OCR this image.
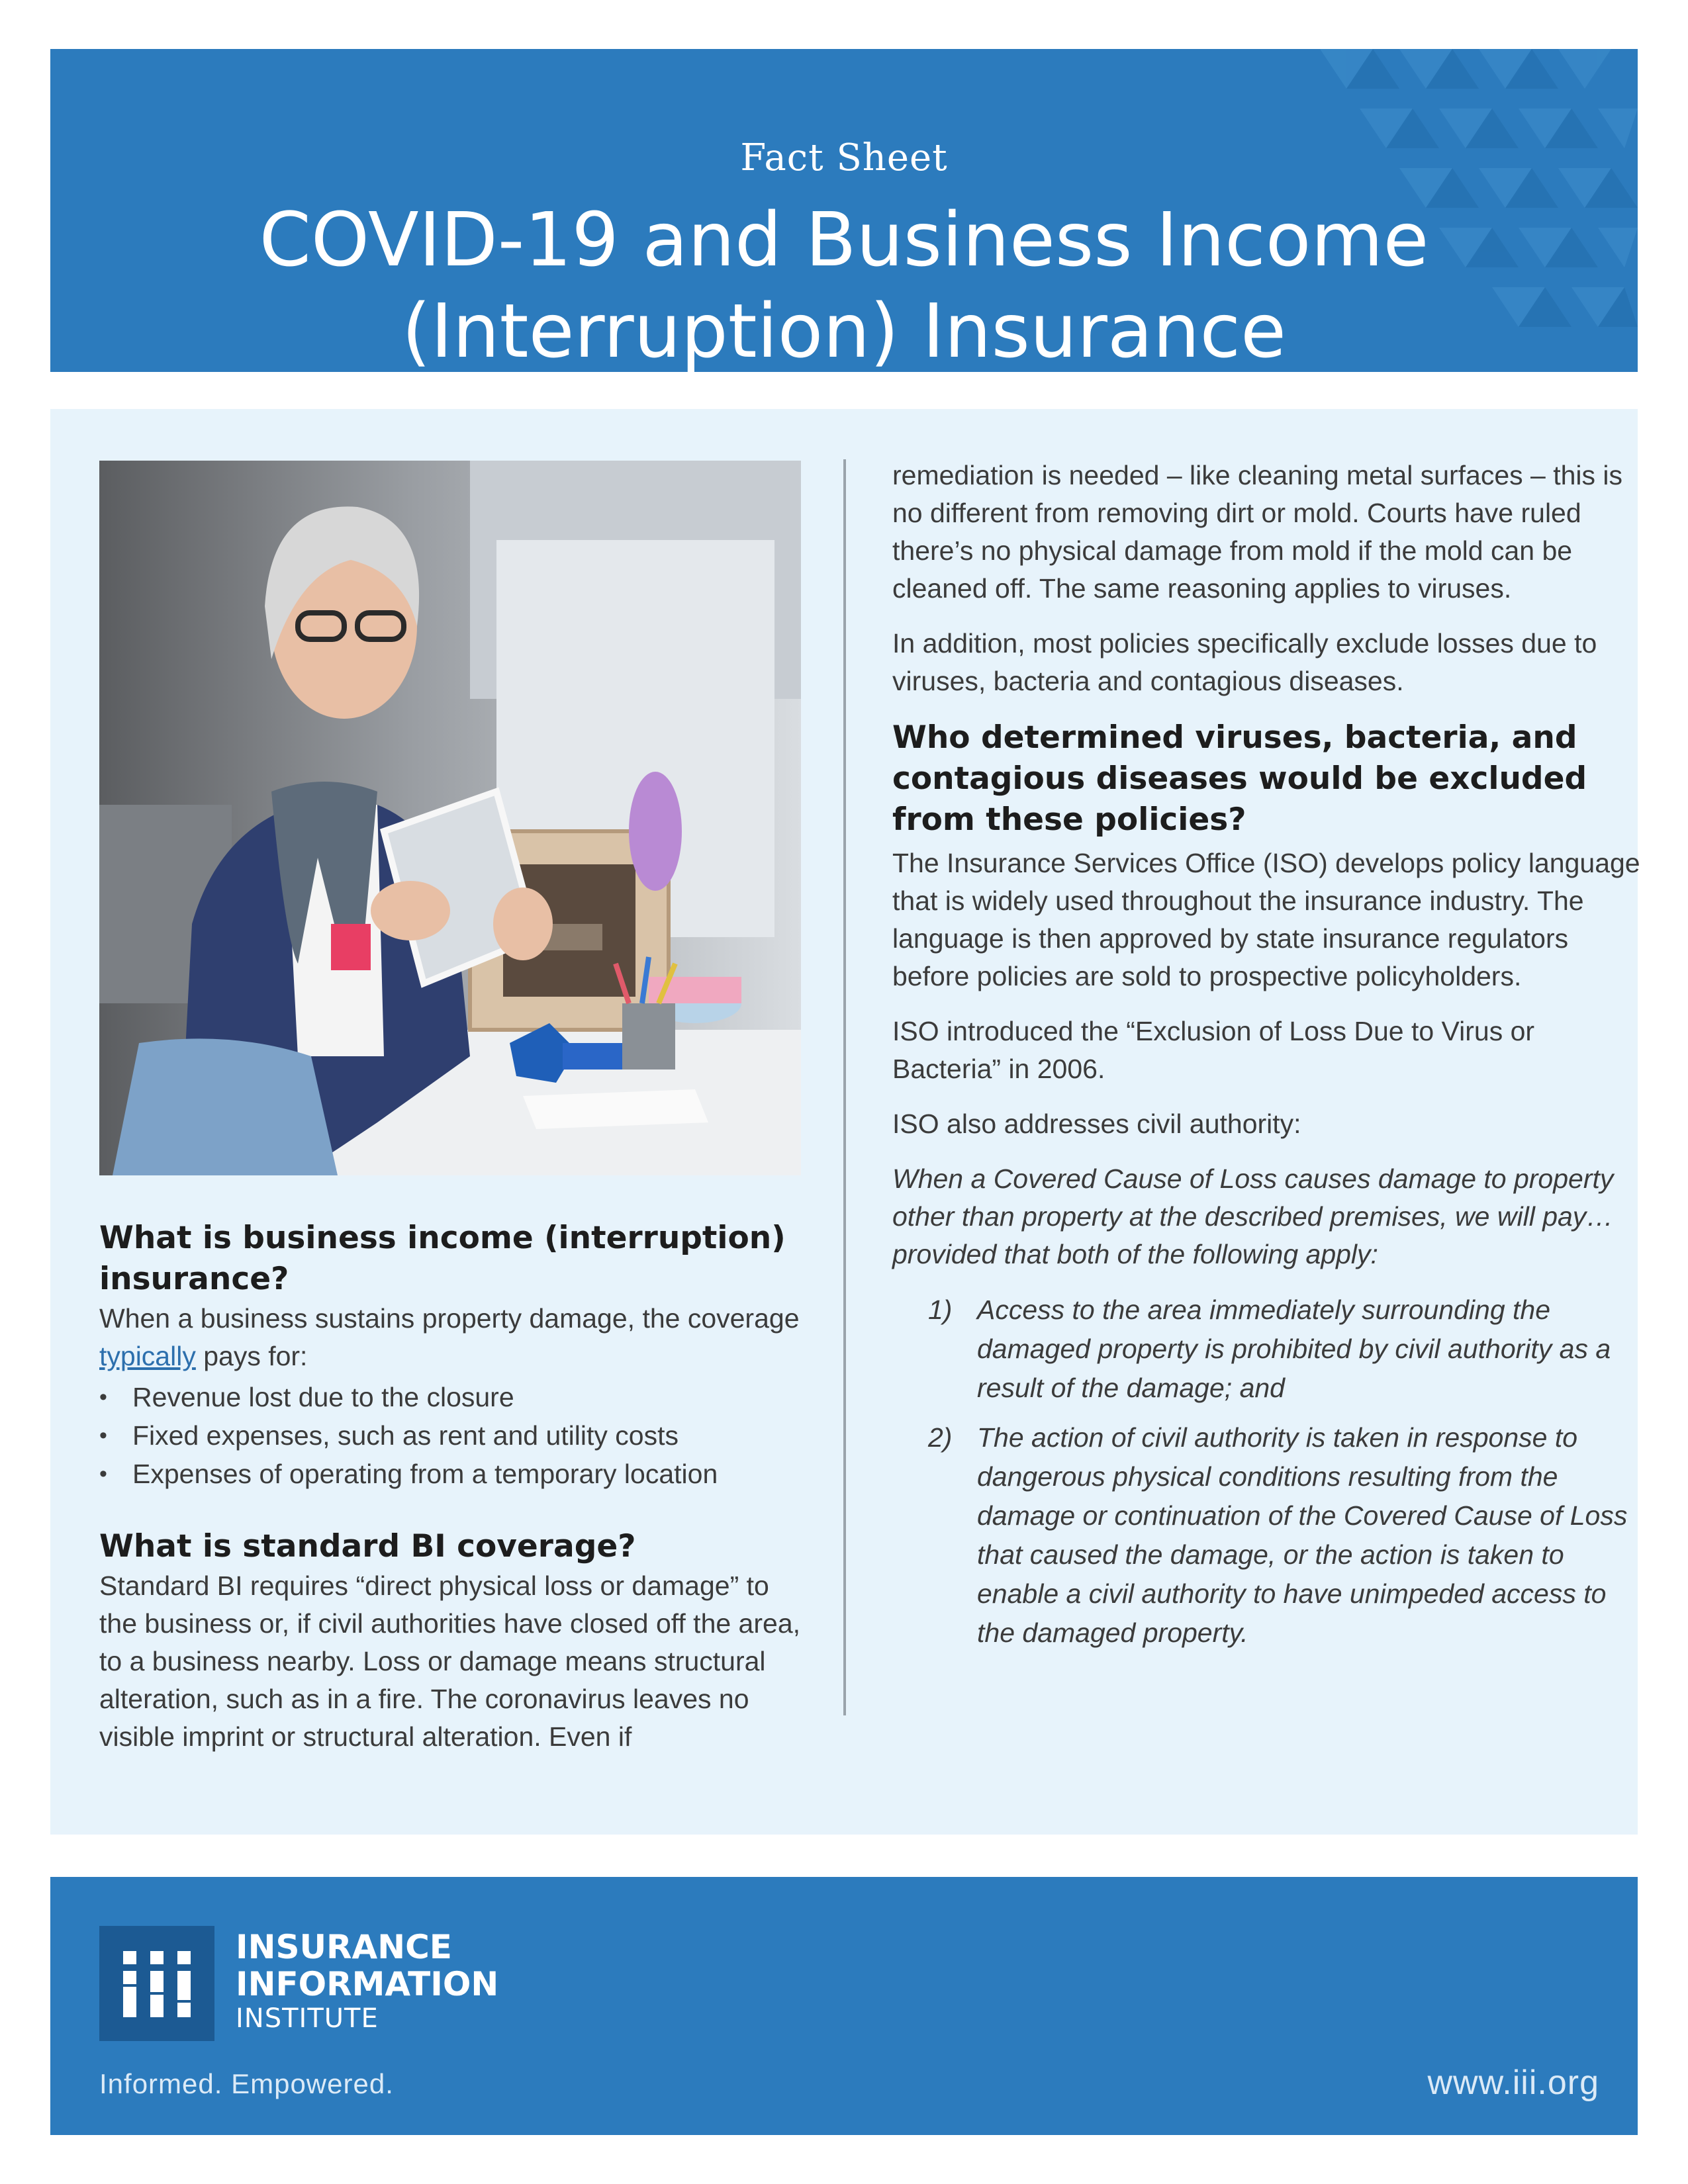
Fact Sheet
COVID-19 and Business Income
(Interruption) Insurance
What is business income (interruption) insurance?

When a business sustains property damage, the coverage typically pays for:

• Revenue lost due to the closure
• Fixed expenses, such as rent and utility costs
• Expenses of operating from a temporary location
What is standard BI coverage?

Standard BI requires “direct physical loss or damage” to the business or, if civil authorities have closed off the area, to a business nearby. Loss or damage means structural alteration, such as in a fire. The coronavirus leaves no visible imprint or structural alteration. Even if

remediation is needed – like cleaning metal surfaces – this is no different from removing dirt or mold. Courts have ruled there’s no physical damage from mold if the mold can be cleaned off. The same reasoning applies to viruses.

In addition, most policies specifically exclude losses due to viruses, bacteria and contagious diseases.

Who determined viruses, bacteria, and contagious diseases would be excluded from these policies?

The Insurance Services Office (ISO) develops policy language that is widely used throughout the insurance industry. The language is then approved by state insurance regulators before policies are sold to prospective policyholders.

ISO introduced the “Exclusion of Loss Due to Virus or Bacteria” in 2006.

ISO also addresses civil authority:

When a Covered Cause of Loss causes damage to property other than property at the described premises, we will pay…provided that both of the following apply:

1) Access to the area immediately surrounding the damaged property is prohibited by civil authority as a result of the damage; and
2) The action of civil authority is taken in response to dangerous physical conditions resulting from the damage or continuation of the Covered Cause of Loss that caused the damage, or the action is taken to enable a civil authority to have unimpeded access to the damaged property.
INSURANCE
INFORMATION
INSTITUTE
Informed. Empowered.	www.iii.org
